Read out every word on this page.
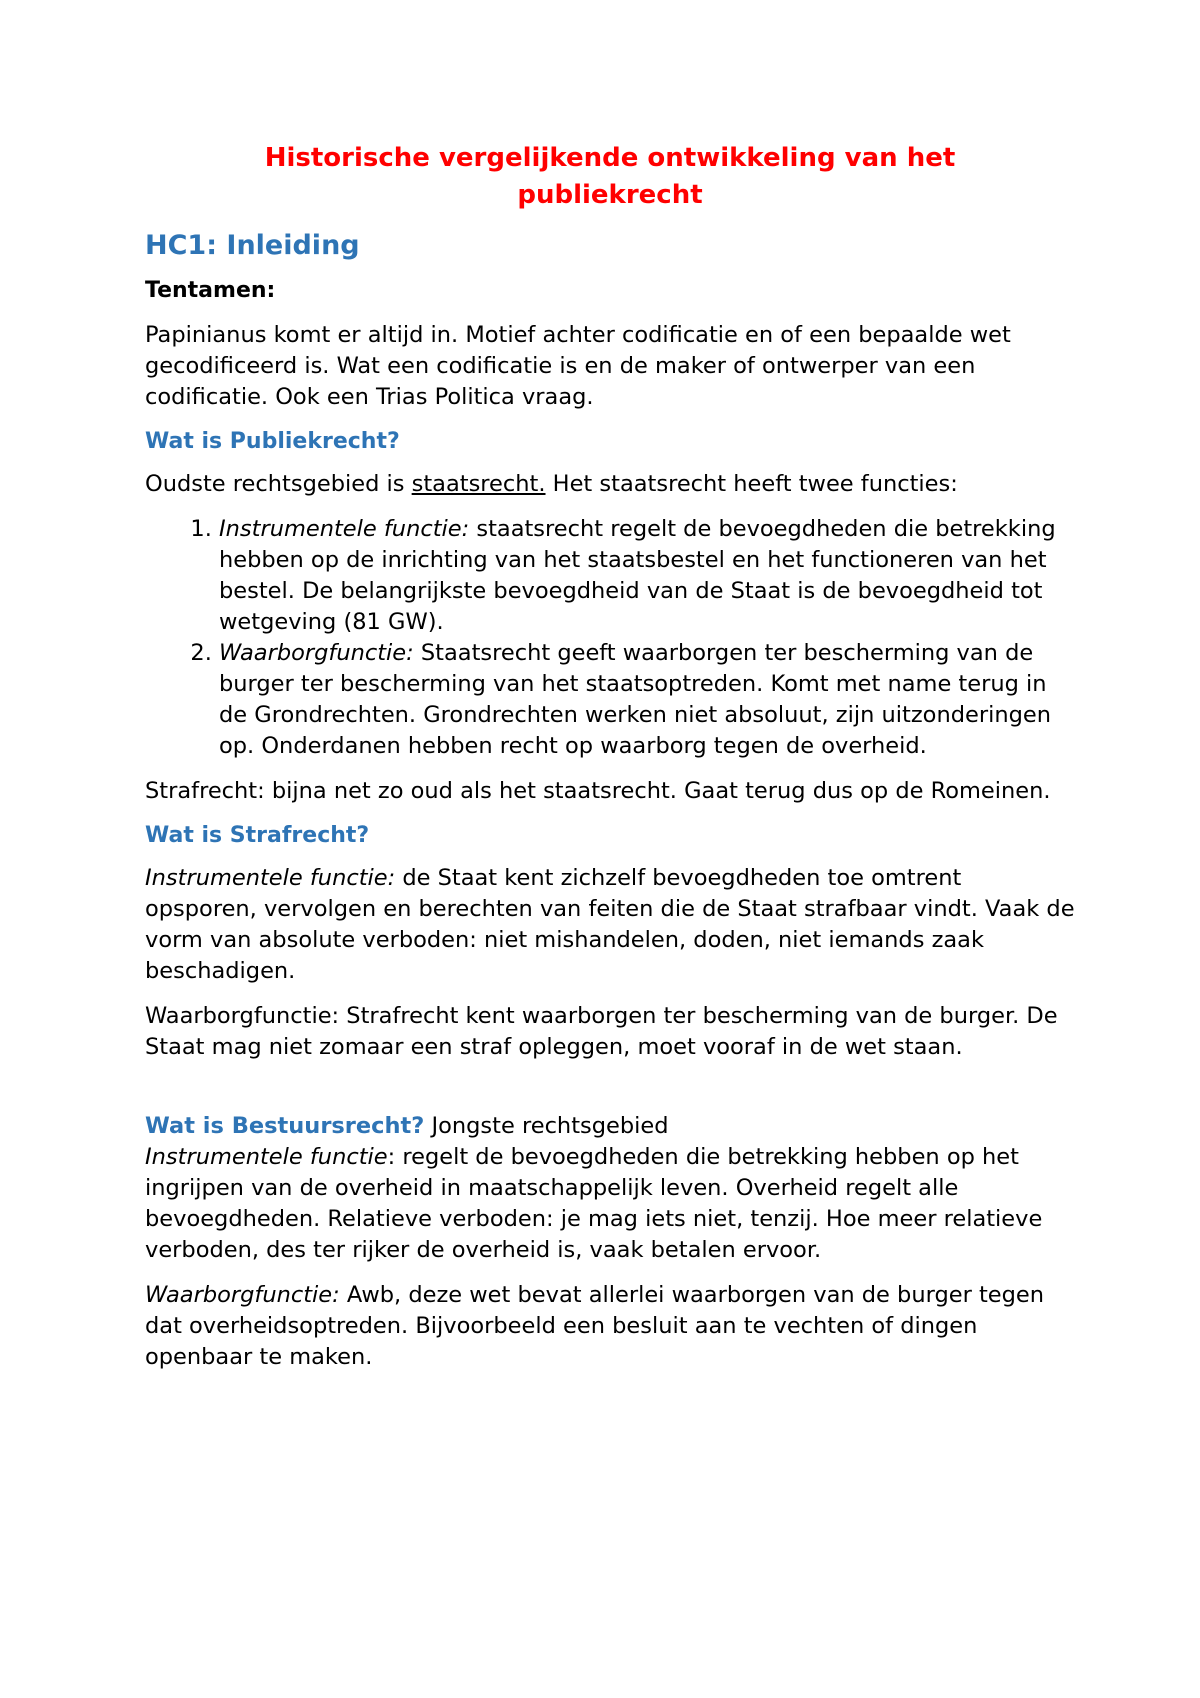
Historische vergelijkende ontwikkeling van het publiekrecht
HC1: Inleiding
Tentamen:

Papinianus komt er altijd in. Motief achter codificatie en of een bepaalde wet gecodificeerd is. Wat een codificatie is en de maker of ontwerper van een codificatie. Ook een Trias Politica vraag.

Wat is Publiekrecht?

Oudste rechtsgebied is staatsrecht. Het staatsrecht heeft twee functies:

1. Instrumentele functie: staatsrecht regelt de bevoegdheden die betrekking hebben op de inrichting van het staatsbestel en het functioneren van het bestel. De belangrijkste bevoegdheid van de Staat is de bevoegdheid tot wetgeving (81 GW).
2. Waarborgfunctie: Staatsrecht geeft waarborgen ter bescherming van de burger ter bescherming van het staatsoptreden. Komt met name terug in de Grondrechten. Grondrechten werken niet absoluut, zijn uitzonderingen op. Onderdanen hebben recht op waarborg tegen de overheid.

Strafrecht: bijna net zo oud als het staatsrecht. Gaat terug dus op de Romeinen.

Wat is Strafrecht?

Instrumentele functie: de Staat kent zichzelf bevoegdheden toe omtrent opsporen, vervolgen en berechten van feiten die de Staat strafbaar vindt. Vaak de vorm van absolute verboden: niet mishandelen, doden, niet iemands zaak beschadigen.

Waarborgfunctie: Strafrecht kent waarborgen ter bescherming van de burger. De Staat mag niet zomaar een straf opleggen, moet vooraf in de wet staan.

Wat is Bestuursrecht? Jongste rechtsgebied

Instrumentele functie: regelt de bevoegdheden die betrekking hebben op het ingrijpen van de overheid in maatschappelijk leven. Overheid regelt alle bevoegdheden. Relatieve verboden: je mag iets niet, tenzij. Hoe meer relatieve verboden, des ter rijker de overheid is, vaak betalen ervoor.

Waarborgfunctie: Awb, deze wet bevat allerlei waarborgen van de burger tegen dat overheidsoptreden. Bijvoorbeeld een besluit aan te vechten of dingen openbaar te maken.
